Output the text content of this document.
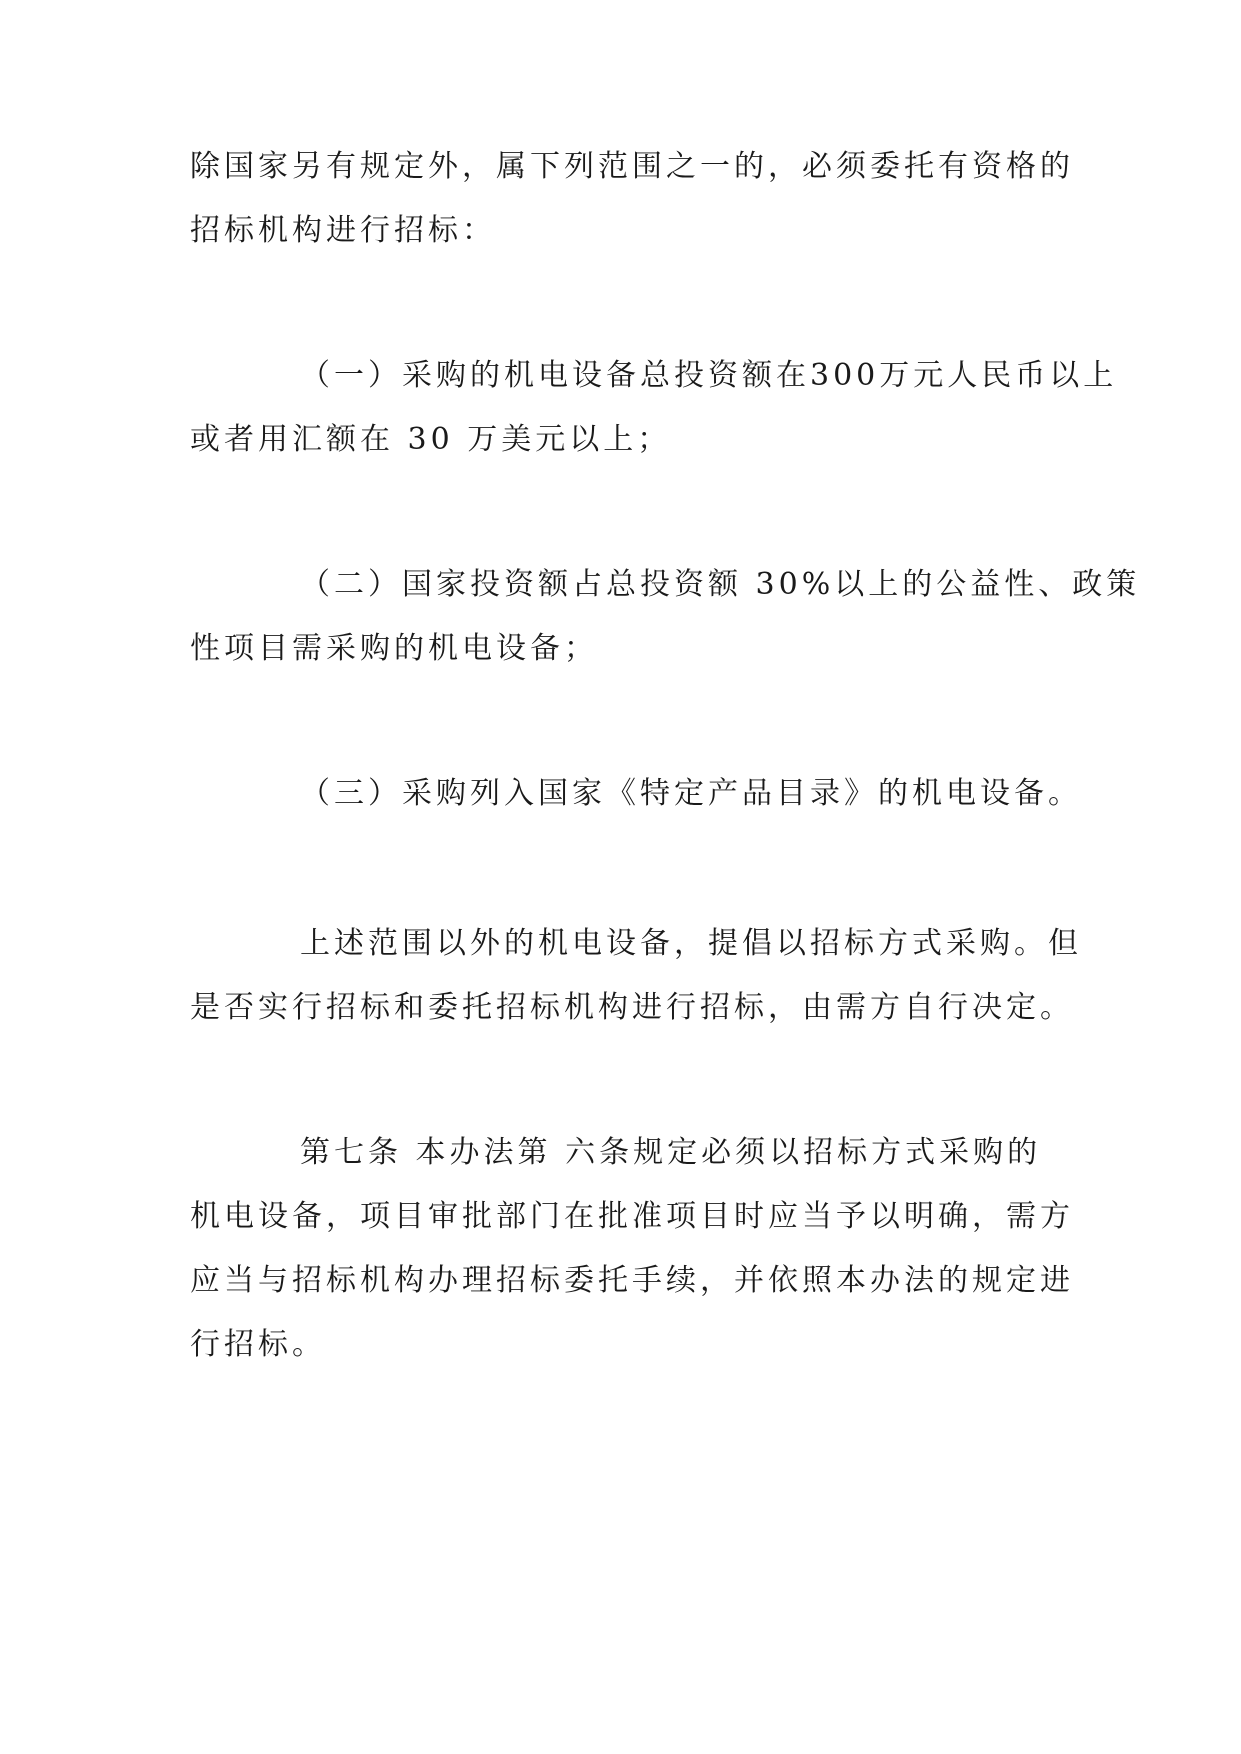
除国家另有规定外，属下列范围之一的，必须委托有资格的
招标机构进行招标：

（一）采购的机电设备总投资额在300万元人民币以上
或者用汇额在 30 万美元以上；

（二）国家投资额占总投资额 30%以上的公益性、政策
性项目需采购的机电设备；

（三）采购列入国家《特定产品目录》的机电设备。

上述范围以外的机电设备，提倡以招标方式采购。但
是否实行招标和委托招标机构进行招标，由需方自行决定。

第七条 本办法第 六条规定必须以招标方式采购的
机电设备，项目审批部门在批准项目时应当予以明确，需方
应当与招标机构办理招标委托手续，并依照本办法的规定进
行招标。
